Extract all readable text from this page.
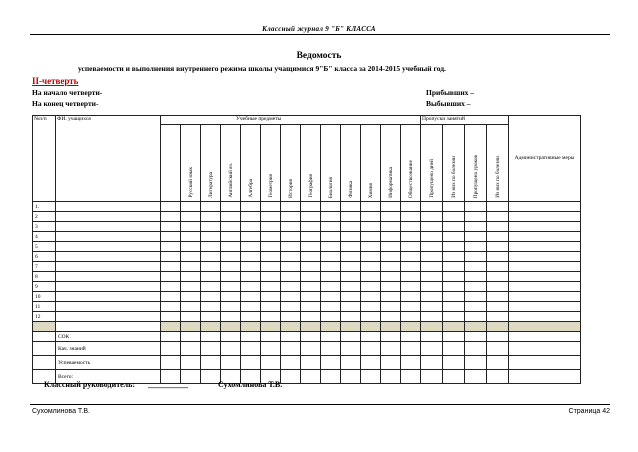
Классный журнал 9 "Б" КЛАССА
Ведомость
успеваемости и выполнения внутреннего режима школы учащимися 9"Б" класса за 2014-2015 учебный год.
II-четверть
На начало четверти-
На конец четверти-
Прибывших –
Выбывших –
№п/п	ФИ. учащихся	Учебные предметы													Пропуски занятий				Административные меры
			Русский язык	Литература	Английский яз.	Алгебра	Геометрия	История	География	Биология	Физика	Химия	Информатика	Обществознание	Пропущено дней	Из них по болезни	Пропущено уроков	Из них по болезни	
1.																			
2																			
3																			
4																			
5																			
6																			
7																			
8																			
9																			
10																			
11																			
12																			

	СОК																		
	Кач. знаний																		
	Успеваемость																		
	Всего:																		
Классный руководитель: __________	Сухомлинова Т.В.
Сухомлинова Т.В.	Страница 42
